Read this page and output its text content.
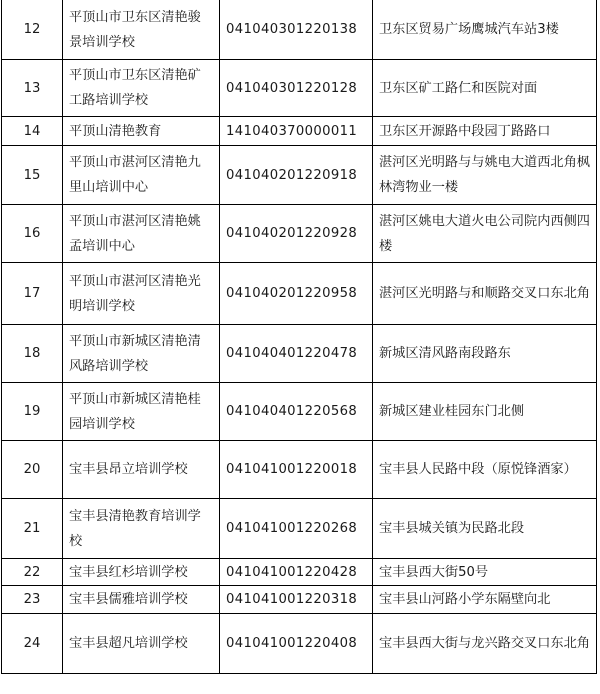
12	平顶山市卫东区清艳骏景培训学校	041040301220138	卫东区贸易广场鹰城汽车站3楼
13	平顶山市卫东区清艳矿工路培训学校	041040301220128	卫东区矿工路仁和医院对面
14	平顶山清艳教育	141040370000011	卫东区开源路中段园丁路路口
15	平顶山市湛河区清艳九里山培训中心	041040201220918	湛河区光明路与与姚电大道西北角枫林湾物业一楼
16	平顶山市湛河区清艳姚孟培训中心	041040201220928	湛河区姚电大道火电公司院内西侧四楼
17	平顶山市湛河区清艳光明培训学校	041040201220958	湛河区光明路与和顺路交叉口东北角
18	平顶山市新城区清艳清风路培训学校	041040401220478	新城区清风路南段路东
19	平顶山市新城区清艳桂园培训学校	041040401220568	新城区建业桂园东门北侧
20	宝丰县昂立培训学校	041041001220018	宝丰县人民路中段（原悦锋酒家）
21	宝丰县清艳教育培训学校	041041001220268	宝丰县城关镇为民路北段
22	宝丰县红杉培训学校	041041001220428	宝丰县西大街50号
23	宝丰县儒雅培训学校	041041001220318	宝丰县山河路小学东隔壁向北
24	宝丰县超凡培训学校	041041001220408	宝丰县西大街与龙兴路交叉口东北角
